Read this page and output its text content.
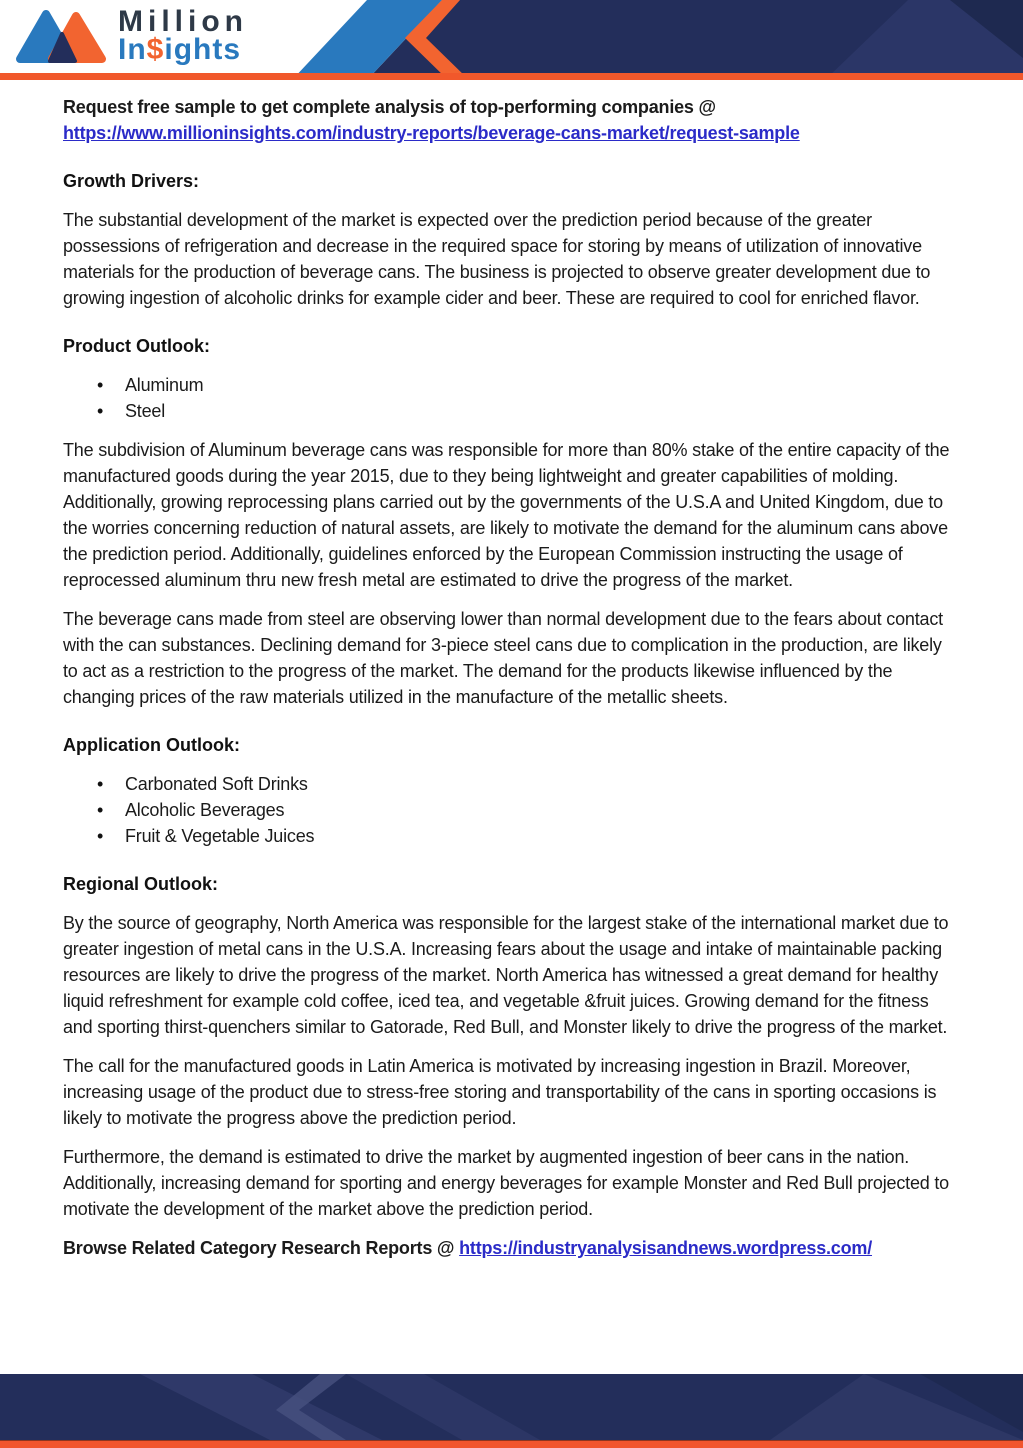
Million
In$ights

Request free sample to get complete analysis of top-performing companies @
https://www.millioninsights.com/industry-reports/beverage-cans-market/request-sample

Growth Drivers:

The substantial development of the market is expected over the prediction period because of the greater possessions of refrigeration and decrease in the required space for storing by means of utilization of innovative materials for the production of beverage cans. The business is projected to observe greater development due to growing ingestion of alcoholic drinks for example cider and beer. These are required to cool for enriched flavor.

Product Outlook:
• Aluminum
• Steel

The subdivision of Aluminum beverage cans was responsible for more than 80% stake of the entire capacity of the manufactured goods during the year 2015, due to they being lightweight and greater capabilities of molding. Additionally, growing reprocessing plans carried out by the governments of the U.S.A and United Kingdom, due to the worries concerning reduction of natural assets, are likely to motivate the demand for the aluminum cans above the prediction period. Additionally, guidelines enforced by the European Commission instructing the usage of reprocessed aluminum thru new fresh metal are estimated to drive the progress of the market.

The beverage cans made from steel are observing lower than normal development due to the fears about contact with the can substances. Declining demand for 3-piece steel cans due to complication in the production, are likely to act as a restriction to the progress of the market. The demand for the products likewise influenced by the changing prices of the raw materials utilized in the manufacture of the metallic sheets.

Application Outlook:
• Carbonated Soft Drinks
• Alcoholic Beverages
• Fruit & Vegetable Juices
Regional Outlook:

By the source of geography, North America was responsible for the largest stake of the international market due to greater ingestion of metal cans in the U.S.A. Increasing fears about the usage and intake of maintainable packing resources are likely to drive the progress of the market. North America has witnessed a great demand for healthy liquid refreshment for example cold coffee, iced tea, and vegetable &fruit juices. Growing demand for the fitness and sporting thirst-quenchers similar to Gatorade, Red Bull, and Monster likely to drive the progress of the market.

The call for the manufactured goods in Latin America is motivated by increasing ingestion in Brazil. Moreover, increasing usage of the product due to stress-free storing and transportability of the cans in sporting occasions is likely to motivate the progress above the prediction period.

Furthermore, the demand is estimated to drive the market by augmented ingestion of beer cans in the nation. Additionally, increasing demand for sporting and energy beverages for example Monster and Red Bull projected to motivate the development of the market above the prediction period.

Browse Related Category Research Reports @ https://industryanalysisandnews.wordpress.com/
